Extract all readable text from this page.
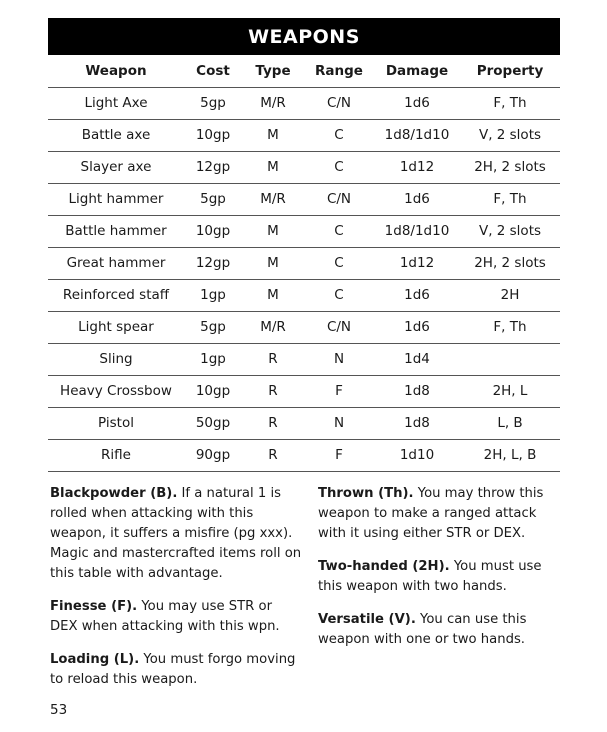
WEAPONS
Weapon	Cost	Type	Range	Damage	Property
Light Axe	5gp	M/R	C/N	1d6	F, Th
Battle axe	10gp	M	C	1d8/1d10	V, 2 slots
Slayer axe	12gp	M	C	1d12	2H, 2 slots
Light hammer	5gp	M/R	C/N	1d6	F, Th
Battle hammer	10gp	M	C	1d8/1d10	V, 2 slots
Great hammer	12gp	M	C	1d12	2H, 2 slots
Reinforced staff	1gp	M	C	1d6	2H
Light spear	5gp	M/R	C/N	1d6	F, Th
Sling	1gp	R	N	1d4	
Heavy Crossbow	10gp	R	F	1d8	2H, L
Pistol	50gp	R	N	1d8	L, B
Rifle	90gp	R	F	1d10	2H, L, B

Blackpowder (B). If a natural 1 is rolled when attacking with this weapon, it suffers a misfire (pg xxx). Magic and mastercrafted items roll on this table with advantage.

Finesse (F). You may use STR or DEX when attacking with this wpn.

Loading (L). You must forgo moving to reload this weapon.

Thrown (Th). You may throw this weapon to make a ranged attack with it using either STR or DEX.

Two-handed (2H). You must use this weapon with two hands.

Versatile (V). You can use this weapon with one or two hands.

53
